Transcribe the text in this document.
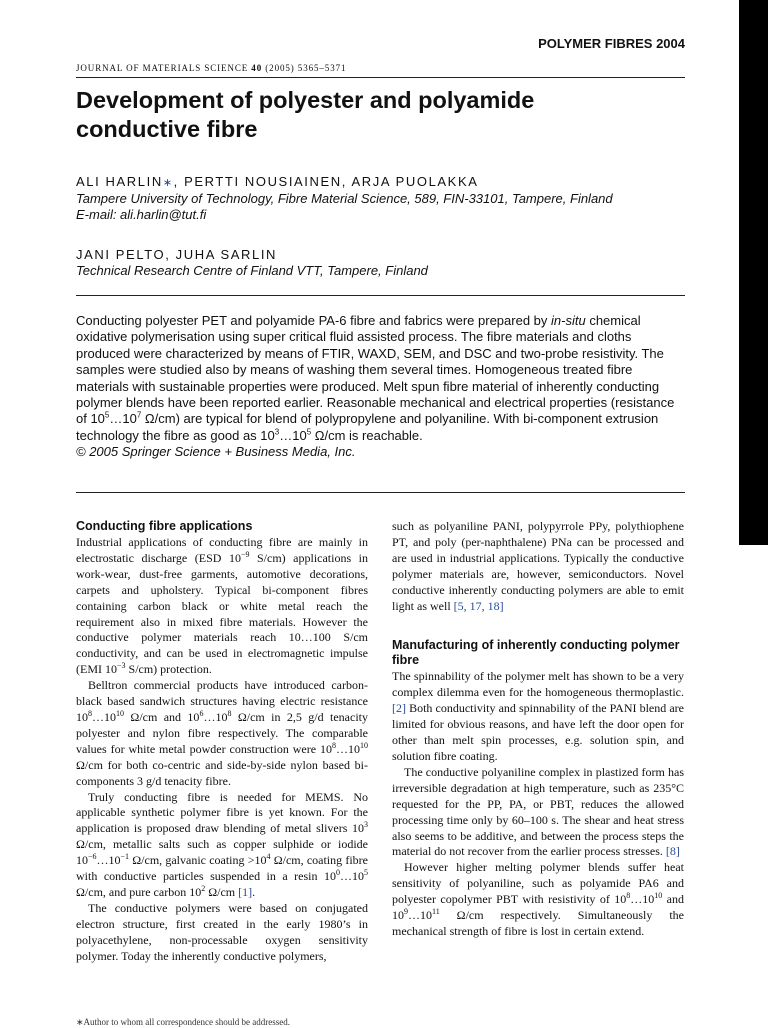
POLYMER FIBRES 2004
JOURNAL OF MATERIALS SCIENCE 40 (2005) 5365–5371
Development of polyester and polyamide conductive fibre
ALI HARLIN∗, PERTTI NOUSIAINEN, ARJA PUOLAKKA
Tampere University of Technology, Fibre Material Science, 589, FIN-33101, Tampere, Finland
E-mail: ali.harlin@tut.fi
JANI PELTO, JUHA SARLIN
Technical Research Centre of Finland VTT, Tampere, Finland

Conducting polyester PET and polyamide PA-6 fibre and fabrics were prepared by in-situ chemical oxidative polymerisation using super critical fluid assisted process. The fibre materials and cloths produced were characterized by means of FTIR, WAXD, SEM, and DSC and two-probe resistivity. The samples were studied also by means of washing them several times. Homogeneous treated fibre materials with sustainable properties were produced. Melt spun fibre material of inherently conducting polymer blends have been reported earlier. Reasonable mechanical and electrical properties (resistance of $10^5\dots 10^7$ Ω/cm) are typical for blend of polypropylene and polyaniline. With bi-component extrusion technology the fibre as good as $10^3\dots 10^5$ Ω/cm is reachable.
© 2005 Springer Science + Business Media, Inc.

Conducting fibre applications

Industrial applications of conducting fibre are mainly in electrostatic discharge (ESD $10^{-9}$ S/cm) applications in work-wear, dust-free garments, automotive decorations, carpets and upholstery. Typical bi-component fibres containing carbon black or white metal reach the requirement also in mixed fibre materials. However the conductive polymer materials reach 10…100 S/cm conductivity, and can be used in electromagnetic impulse (EMI $10^{-3}$ S/cm) protection.

Belltron commercial products have introduced carbon-black based sandwich structures having electric resistance $10^8\dots 10^{10}$ Ω/cm and $10^6\dots 10^8$ Ω/cm in 2,5 g/d tenacity polyester and nylon fibre respectively. The comparable values for white metal powder construction were $10^8\dots 10^{10}$ Ω/cm for both co-centric and side-by-side nylon based bi-components 3 g/d tenacity fibre.

Truly conducting fibre is needed for MEMS. No applicable synthetic polymer fibre is yet known. For the application is proposed draw blending of metal slivers $10^3$ Ω/cm, metallic salts such as copper sulphide or iodide $10^{-6}\dots 10^{-1}$ Ω/cm, galvanic coating $>10^4$ Ω/cm, coating fibre with conductive particles suspended in a resin $10^0\dots 10^5$ Ω/cm, and pure carbon $10^2$ Ω/cm [1].

The conductive polymers were based on conjugated electron structure, first created in the early 1980’s in polyacethylene, non-processable oxygen sensitivity polymer. Today the inherently conductive polymers,

such as polyaniline PANI, polypyrrole PPy, polythiophene PT, and poly (per-naphthalene) PNa can be processed and are used in industrial applications. Typically the conductive polymer materials are, however, semiconductors. Novel conductive inherently conducting polymers are able to emit light as well [5, 17, 18]

Manufacturing of inherently conducting polymer fibre

The spinnability of the polymer melt has shown to be a very complex dilemma even for the homogeneous thermoplastic. [2] Both conductivity and spinnability of the PANI blend are limited for obvious reasons, and have left the door open for other than melt spin processes, e.g. solution spin, and solution fibre coating.

The conductive polyaniline complex in plastized form has irreversible degradation at high temperature, such as 235°C requested for the PP, PA, or PBT, reduces the allowed processing time only by 60–100 s. The shear and heat stress also seems to be additive, and between the process steps the material do not recover from the earlier process stresses. [8]

However higher melting polymer blends suffer heat sensitivity of polyaniline, such as polyamide PA6 and polyester copolymer PBT with resistivity of $10^8\dots 10^{10}$ and $10^9\dots 10^{11}$ Ω/cm respectively. Simultaneously the mechanical strength of fibre is lost in certain extend.

∗Author to whom all correspondence should be addressed.
